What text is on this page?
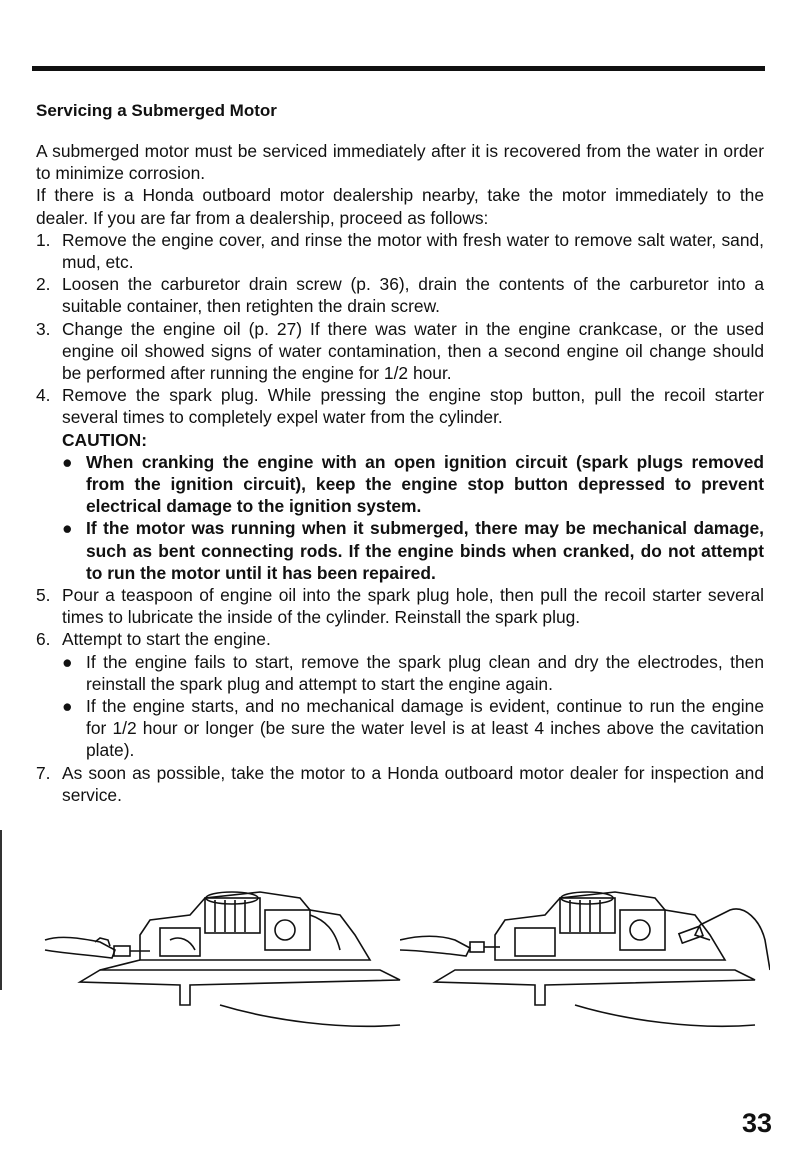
Servicing a Submerged Motor

A submerged motor must be serviced immediately after it is recovered from the water in order to minimize corrosion.

If there is a Honda outboard motor dealership nearby, take the motor immediately to the dealer. If you are far from a dealership, proceed as follows:

1. Remove the engine cover, and rinse the motor with fresh water to remove salt water, sand, mud, etc.
2. Loosen the carburetor drain screw (p. 36), drain the contents of the carburetor into a suitable container, then retighten the drain screw.
3. Change the engine oil (p. 27) If there was water in the engine crankcase, or the used engine oil showed signs of water contamination, then a second engine oil change should be performed after running the engine for 1/2 hour.
4. Remove the spark plug. While pressing the engine stop button, pull the recoil starter several times to completely expel water from the cylinder.

CAUTION:

● When cranking the engine with an open ignition circuit (spark plugs removed from the ignition circuit), keep the engine stop button depressed to prevent electrical damage to the ignition system.
● If the motor was running when it submerged, there may be mechanical damage, such as bent connecting rods. If the engine binds when cranked, do not attempt to run the motor until it has been repaired.
5. Pour a teaspoon of engine oil into the spark plug hole, then pull the recoil starter several times to lubricate the inside of the cylinder. Reinstall the spark plug.
6. Attempt to start the engine.
● If the engine fails to start, remove the spark plug clean and dry the electrodes, then reinstall the spark plug and attempt to start the engine again.
● If the engine starts, and no mechanical damage is evident, continue to run the engine for 1/2 hour or longer (be sure the water level is at least 4 inches above the cavitation plate).
7. As soon as possible, take the motor to a Honda outboard motor dealer for inspection and service.
33
